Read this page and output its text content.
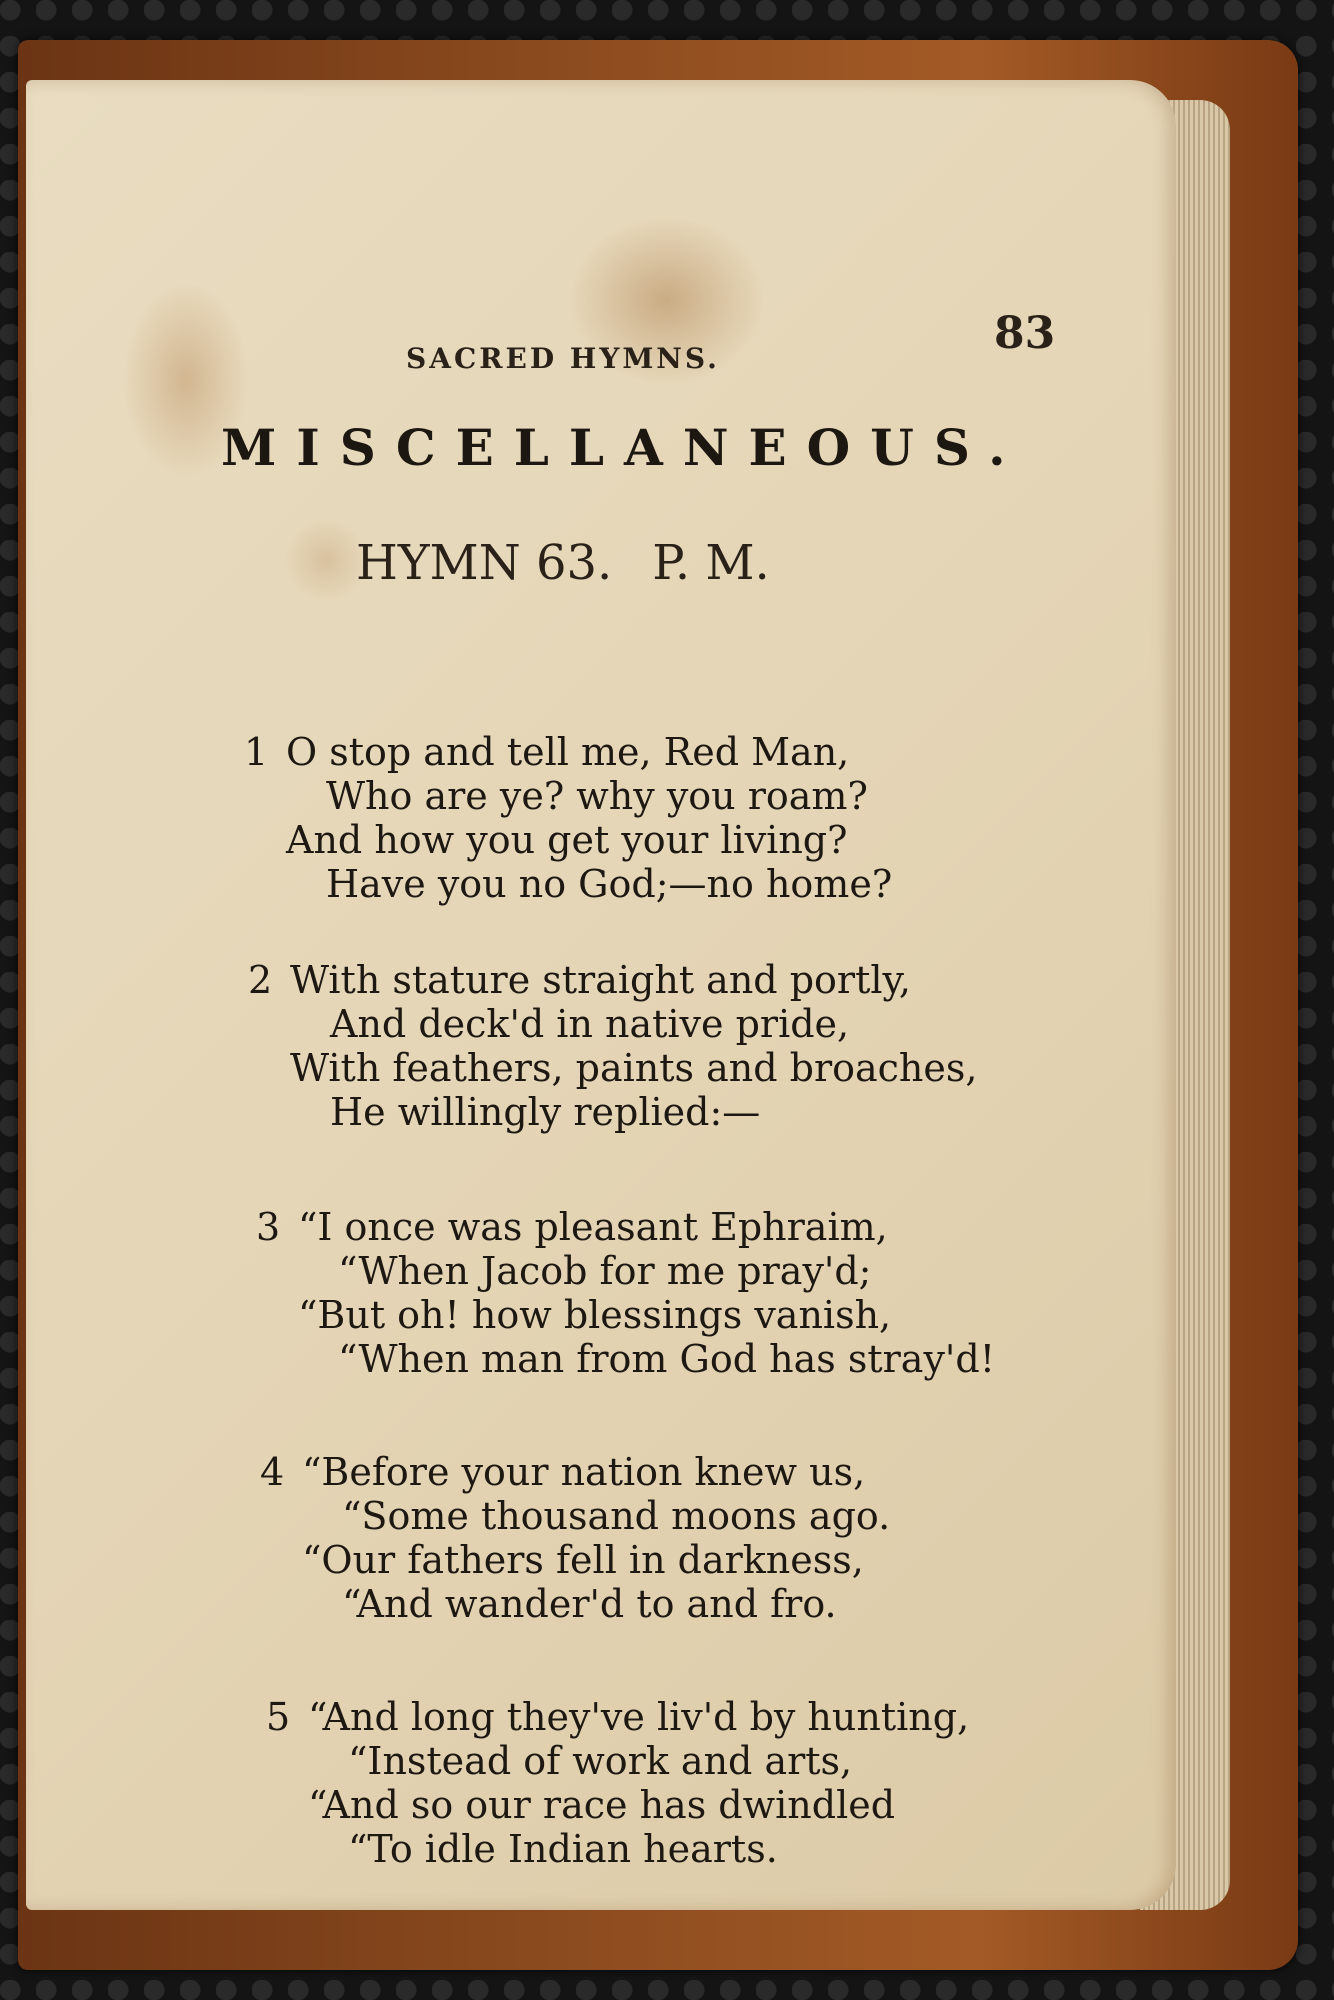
SACRED HYMNS.	83
MISCELLANEOUS.
HYMN 63. P. M.
1 O stop and tell me, Red Man,
Who are ye? why you roam?
And how you get your living?
Have you no God;—no home?
2 With stature straight and portly,
And deck'd in native pride,
With feathers, paints and broaches,
He willingly replied:—
3 “I once was pleasant Ephraim,
“When Jacob for me pray'd;
“But oh! how blessings vanish,
“When man from God has stray'd!
4 “Before your nation knew us,
“Some thousand moons ago.
“Our fathers fell in darkness,
“And wander'd to and fro.
5 “And long they've liv'd by hunting,
“Instead of work and arts,
“And so our race has dwindled
“To idle Indian hearts.
